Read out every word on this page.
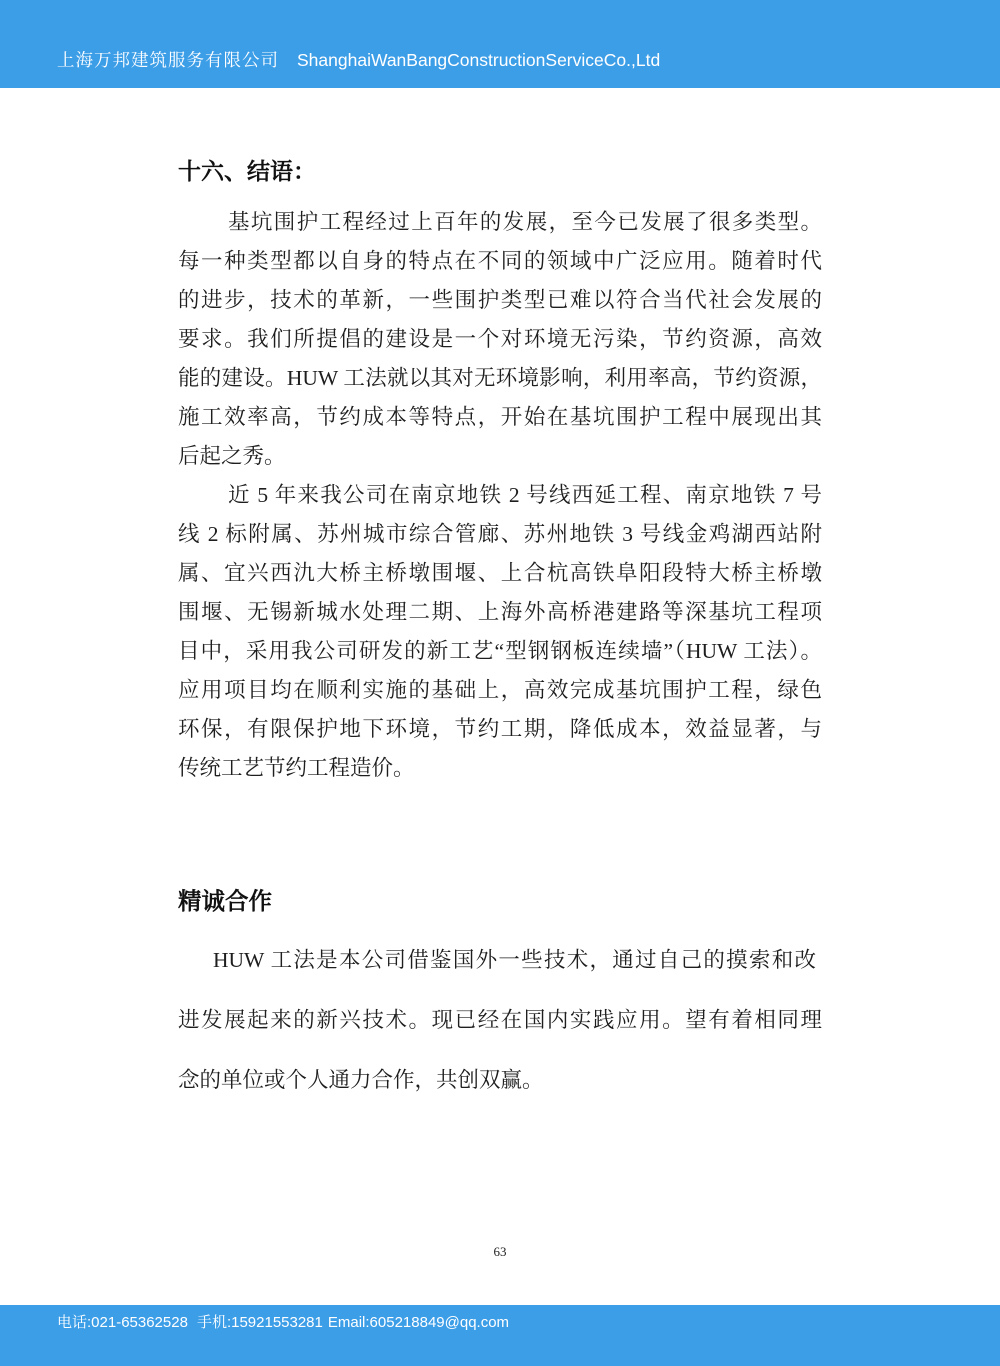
上海万邦建筑服务有限公司 ShanghaiWanBangConstructionServiceCo.,Ltd
十六、结语：
基坑围护工程经过上百年的发展，至今已发展了很多类型。
每一种类型都以自身的特点在不同的领域中广泛应用。随着时代
的进步，技术的革新，一些围护类型已难以符合当代社会发展的
要求。我们所提倡的建设是一个对环境无污染，节约资源，高效
能的建设。HUW 工法就以其对无环境影响，利用率高，节约资源，
施工效率高，节约成本等特点，开始在基坑围护工程中展现出其
后起之秀。
近 5 年来我公司在南京地铁 2 号线西延工程、南京地铁 7 号
线 2 标附属、苏州城市综合管廊、苏州地铁 3 号线金鸡湖西站附
属、宜兴西氿大桥主桥墩围堰、上合杭高铁阜阳段特大桥主桥墩
围堰、无锡新城水处理二期、上海外高桥港建路等深基坑工程项
目中，采用我公司研发的新工艺“型钢钢板连续墙”（HUW 工法）。
应用项目均在顺利实施的基础上，高效完成基坑围护工程，绿色
环保，有限保护地下环境，节约工期，降低成本，效益显著，与
传统工艺节约工程造价。
精诚合作
HUW 工法是本公司借鉴国外一些技术，通过自己的摸索和改
进发展起来的新兴技术。现已经在国内实践应用。望有着相同理
念的单位或个人通力合作，共创双赢。
63
电话:021-65362528 手机:15921553281 Email:605218849@qq.com
